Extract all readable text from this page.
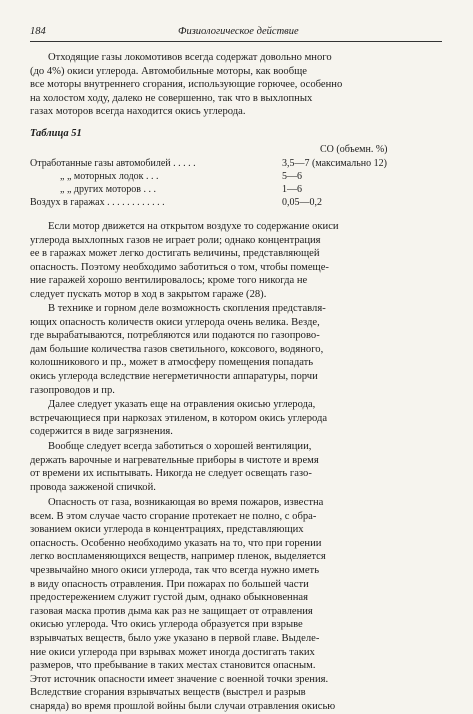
184	Физиологическое действие

Отходящие газы локомотивов всегда содержат довольно много
(до 4%) окиси углерода. Автомобильные моторы, как вообще
все моторы внутреннего сгорания, использующие горючее, особенно
на холостом ходу, далеко не совершенно, так что в выхлопных
газах моторов всегда находится окись углерода.

Таблица 51
CO (объемн. %)
Отработанные газы автомобилей . . . . .	3,5—7 (максимально 12)
„ „ моторных лодок . . .	5—6
„ „ других моторов . . .	1—6
Воздух в гаражах . . . . . . . . . . . .	0,05—0,2

Если мотор движется на открытом воздухе то содержание окиси
углерода выхлопных газов не играет роли; однако концентрация
ее в гаражах может легко достигать величины, представляющей
опасность. Поэтому необходимо заботиться о том, чтобы помеще-
ние гаражей хорошо вентилировалось; кроме того никогда не
следует пускать мотор в ход в закрытом гараже (28).

В технике и горном деле возможность скопления представля-
ющих опасность количеств окиси углерода очень велика. Везде,
где вырабатываются, потребляются или подаются по газопрово-
дам большие количества газов светильного, коксового, водяного,
колошникового и пр., может в атмосферу помещения попадать
окись углерода вследствие негерметичности аппаратуры, порчи
газопроводов и пр.

Далее следует указать еще на отравления окисью углерода,
встречающиеся при наркозах этиленом, в котором окись углерода
содержится в виде загрязнения.

Вообще следует всегда заботиться о хорошей вентиляции,
держать варочные и нагревательные приборы в чистоте и время
от времени их испытывать. Никогда не следует освещать газо-
провода зажженой спичкой.

Опасность от газа, возникающая во время пожаров, известна
всем. В этом случае часто сгорание протекает не полно, с обра-
зованием окиси углерода в концентрациях, представляющих
опасность. Особенно необходимо указать на то, что при горении
легко воспламеняющихся веществ, например пленок, выделяется
чрезвычайно много окиси углерода, так что всегда нужно иметь
в виду опасность отравления. При пожарах по большей части
предостережением служит густой дым, однако обыкновенная
газовая маска против дыма как раз не защищает от отравления
окисью углерода. Что окись углерода образуется при взрыве
взрывчатых веществ, было уже указано в первой главе. Выделе-
ние окиси углерода при взрывах может иногда достигать таких
размеров, что пребывание в таких местах становится опасным.
Этот источник опасности имеет значение с военной точки зрения.
Вследствие сгорания взрывчатых веществ (выстрел и разрыв
снаряда) во время прошлой войны были случаи отравления окисью
